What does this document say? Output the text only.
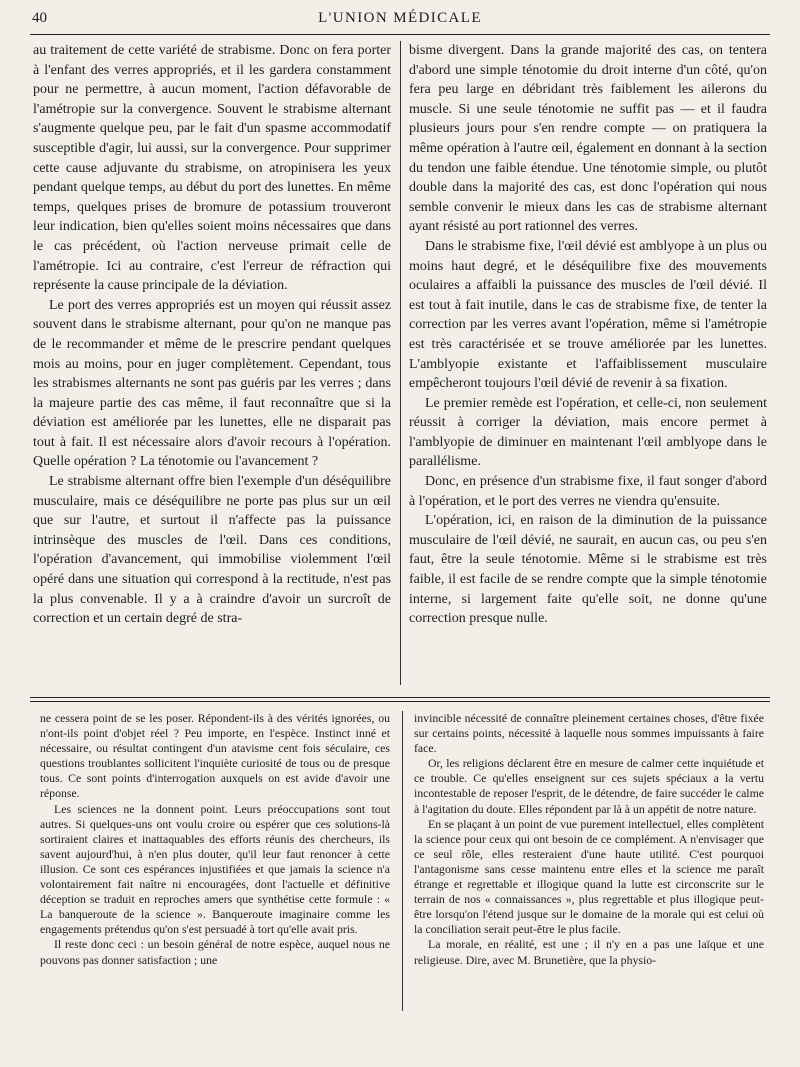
40	L'UNION MÉDICALE

au traitement de cette variété de strabisme. Donc on fera porter à l'enfant des verres appropriés, et il les gardera constamment pour ne permettre, à aucun moment, l'action défavorable de l'amétropie sur la convergence. Souvent le strabisme alternant s'augmente quelque peu, par le fait d'un spasme accommodatif susceptible d'agir, lui aussi, sur la convergence. Pour supprimer cette cause adjuvante du strabisme, on atropinisera les yeux pendant quelque temps, au début du port des lunettes. En même temps, quelques prises de bromure de potassium trouveront leur indication, bien qu'elles soient moins nécessaires que dans le cas précédent, où l'action nerveuse primait celle de l'amétropie. Ici au contraire, c'est l'erreur de réfraction qui représente la cause principale de la déviation.

Le port des verres appropriés est un moyen qui réussit assez souvent dans le strabisme alternant, pour qu'on ne manque pas de le recommander et même de le prescrire pendant quelques mois au moins, pour en juger complètement. Cependant, tous les strabismes alternants ne sont pas guéris par les verres ; dans la majeure partie des cas même, il faut reconnaître que si la déviation est améliorée par les lunettes, elle ne disparait pas tout à fait. Il est nécessaire alors d'avoir recours à l'opération. Quelle opération ? La ténotomie ou l'avancement ?

Le strabisme alternant offre bien l'exemple d'un déséquilibre musculaire, mais ce déséquilibre ne porte pas plus sur un œil que sur l'autre, et surtout il n'affecte pas la puissance intrinsèque des muscles de l'œil. Dans ces conditions, l'opération d'avancement, qui immobilise violemment l'œil opéré dans une situation qui correspond à la rectitude, n'est pas la plus convenable. Il y a à craindre d'avoir un surcroît de correction et un certain degré de stra-

bisme divergent. Dans la grande majorité des cas, on tentera d'abord une simple ténotomie du droit interne d'un côté, qu'on fera peu large en débridant très faiblement les ailerons du muscle. Si une seule ténotomie ne suffit pas — et il faudra plusieurs jours pour s'en rendre compte — on pratiquera la même opération à l'autre œil, également en donnant à la section du tendon une faible étendue. Une ténotomie simple, ou plutôt double dans la majorité des cas, est donc l'opération qui nous semble convenir le mieux dans les cas de strabisme alternant ayant résisté au port rationnel des verres.

Dans le strabisme fixe, l'œil dévié est amblyope à un plus ou moins haut degré, et le déséquilibre fixe des mouvements oculaires a affaibli la puissance des muscles de l'œil dévié. Il est tout à fait inutile, dans le cas de strabisme fixe, de tenter la correction par les verres avant l'opération, même si l'amétropie est très caractérisée et se trouve améliorée par les lunettes. L'amblyopie existante et l'affaiblissement musculaire empêcheront toujours l'œil dévié de revenir à sa fixation.

Le premier remède est l'opération, et celle-ci, non seulement réussit à corriger la déviation, mais encore permet à l'amblyopie de diminuer en maintenant l'œil amblyope dans le parallélisme.

Donc, en présence d'un strabisme fixe, il faut songer d'abord à l'opération, et le port des verres ne viendra qu'ensuite.

L'opération, ici, en raison de la diminution de la puissance musculaire de l'œil dévié, ne saurait, en aucun cas, ou peu s'en faut, être la seule ténotomie. Même si le strabisme est très faible, il est facile de se rendre compte que la simple ténotomie interne, si largement faite qu'elle soit, ne donne qu'une correction presque nulle.

ne cessera point de se les poser. Répondent-ils à des vérités ignorées, ou n'ont-ils point d'objet réel ? Peu importe, en l'espèce. Instinct inné et nécessaire, ou résultat contingent d'un atavisme cent fois séculaire, ces questions troublantes sollicitent l'inquiète curiosité de tous ou de presque tous. Ce sont points d'interrogation auxquels on est avide d'avoir une réponse.

Les sciences ne la donnent point. Leurs préoccupations sont tout autres. Si quelques-uns ont voulu croire ou espérer que ces solutions-là sortiraient claires et inattaquables des efforts réunis des chercheurs, ils savent aujourd'hui, à n'en plus douter, qu'il leur faut renoncer à cette illusion. Ce sont ces espérances injustifiées et que jamais la science n'a volontairement fait naître ni encouragées, dont l'actuelle et définitive déception se traduit en reproches amers que synthétise cette formule : « La banqueroute de la science ». Banqueroute imaginaire comme les engagements prétendus qu'on s'est persuadé à tort qu'elle avait pris.

Il reste donc ceci : un besoin général de notre espèce, auquel nous ne pouvons pas donner satisfaction ; une

invincible nécessité de connaître pleinement certaines choses, d'être fixée sur certains points, nécessité à laquelle nous sommes impuissants à faire face.

Or, les religions déclarent être en mesure de calmer cette inquiétude et ce trouble. Ce qu'elles enseignent sur ces sujets spéciaux a la vertu incontestable de reposer l'esprit, de le détendre, de faire succéder le calme à l'agitation du doute. Elles répondent par là à un appétit de notre nature.

En se plaçant à un point de vue purement intellectuel, elles complètent la science pour ceux qui ont besoin de ce complément. A n'envisager que ce seul rôle, elles resteraient d'une haute utilité. C'est pourquoi l'antagonisme sans cesse maintenu entre elles et la science me paraît étrange et regrettable et illogique quand la lutte est circonscrite sur le terrain de nos « connaissances », plus regrettable et plus illogique peut-être lorsqu'on l'étend jusque sur le domaine de la morale qui est celui où la conciliation serait peut-être le plus facile.

La morale, en réalité, est une ; il n'y en a pas une laïque et une religieuse. Dire, avec M. Brunetière, que la physio-
